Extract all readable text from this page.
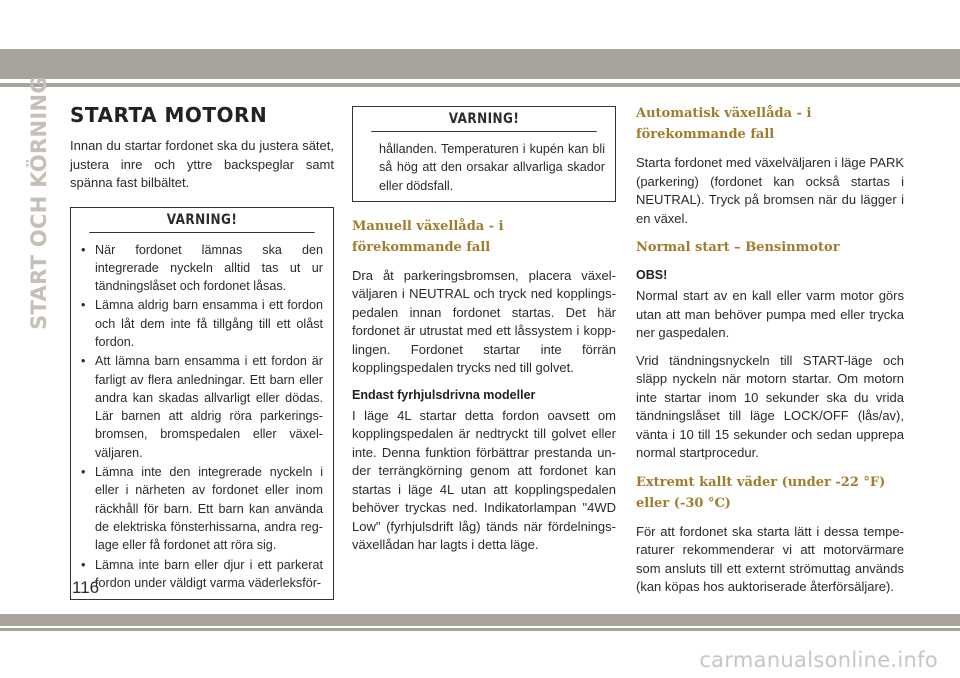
START OCH KÖRNING STARTA MOTORN

Innan du startar fordonet ska du justera sätet, justera inre och yttre backspeglar samt spänna fast bilbältet.

VARNING!
• När fordonet lämnas ska den integrerade nyckeln alltid tas ut ur tändningslåset och fordonet låsas.
• Lämna aldrig barn ensamma i ett fordon och låt dem inte få tillgång till ett olåst fordon.
• Att lämna barn ensamma i ett fordon är farligt av flera anledningar. Ett barn eller andra kan skadas allvarligt eller dödas. Lär barnen att aldrig röra parkeringsbromsen, bromspedalen eller växelväljaren.
• Lämna inte den integrerade nyckeln i eller i närheten av fordonet eller inom räckhåll för barn. Ett barn kan använda de elektriska fönsterhissarna, andra reglage eller få fordonet att röra sig.
• Lämna inte barn eller djur i ett parkerat fordon under väldigt varma väderleksför-
VARNING!

hållanden. Temperaturen i kupén kan bli så hög att den orsakar allvarliga skador eller dödsfall.

Manuell växellåda - i förekommande fall

Dra åt parkeringsbromsen, placera växelväljaren i NEUTRAL och tryck ned kopplingspedalen innan fordonet startas. Det här fordonet är utrustat med ett låssystem i kopplingen. Fordonet startar inte förrän kopplingspedalen trycks ned till golvet.

Endast fyrhjulsdrivna modeller

I läge 4L startar detta fordon oavsett om kopplingspedalen är nedtryckt till golvet eller inte. Denna funktion förbättrar prestanda under terrängkörning genom att fordonet kan startas i läge 4L utan att kopplingspedalen behöver tryckas ned. Indikatorlampan "4WD Low" (fyrhjulsdrift låg) tänds när fördelningsväxellådan har lagts i detta läge.

Automatisk växellåda - i förekommande fall

Starta fordonet med växelväljaren i läge PARK (parkering) (fordonet kan också startas i NEUTRAL). Tryck på bromsen när du lägger i en växel.

Normal start – Bensinmotor
OBS!

Normal start av en kall eller varm motor görs utan att man behöver pumpa med eller trycka ner gaspedalen.

Vrid tändningsnyckeln till START-läge och släpp nyckeln när motorn startar. Om motorn inte startar inom 10 sekunder ska du vrida tändningslåset till läge LOCK/OFF (lås/av), vänta i 10 till 15 sekunder och sedan upprepa normal startprocedur.

Extremt kallt väder (under -22 °F) eller (-30 °C)

För att fordonet ska starta lätt i dessa temperaturer rekommenderar vi att motorvärmare som ansluts till ett externt strömuttag används (kan köpas hos auktoriserade återförsäljare).

116
carmanualsonline.info
